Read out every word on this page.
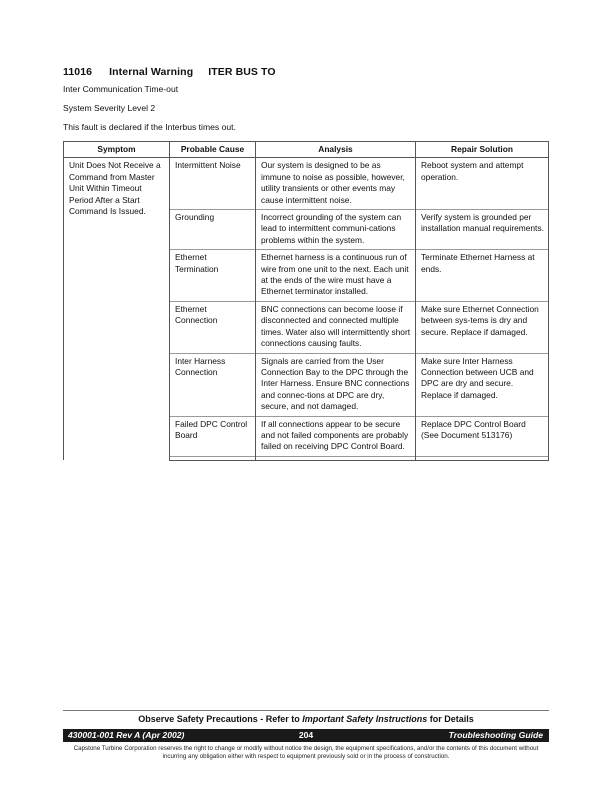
11016 Internal Warning ITER BUS TO

Inter Communication Time-out

System Severity Level 2

This fault is declared if the Interbus times out.

Symptom	Probable Cause	Analysis	Repair Solution
Unit Does Not Receive a Command from Master Unit Within Timeout Period After a Start Command Is Issued.	Intermittent Noise	Our system is designed to be as immune to noise as possible, however, utility transients or other events may cause intermittent noise.	Reboot system and attempt operation.
	Grounding	Incorrect grounding of the system can lead to intermittent communi-cations problems within the system.	Verify system is grounded per installation manual requirements.
	Ethernet Termination	Ethernet harness is a continuous run of wire from one unit to the next. Each unit at the ends of the wire must have a Ethernet terminator installed.	Terminate Ethernet Harness at ends.
	Ethernet Connection	BNC connections can become loose if disconnected and connected multiple times. Water also will intermittently short connections causing faults.	Make sure Ethernet Connection between sys-tems is dry and secure. Replace if damaged.
	Inter Harness Connection	Signals are carried from the User Connection Bay to the DPC through the Inter Harness. Ensure BNC connections and connec-tions at DPC are dry, secure, and not damaged.	Make sure Inter Harness Connection between UCB and DPC are dry and secure. Replace if damaged.
	Failed DPC Control Board	If all connections appear to be secure and not failed components are probably failed on receiving DPC Control Board.	Replace DPC Control Board (See Document 513176)

Observe Safety Precautions - Refer to Important Safety Instructions for Details
430001-001 Rev A (Apr 2002)	204	Troubleshooting Guide
Capstone Turbine Corporation reserves the right to change or modify without notice the design, the equipment specifications, and/or the contents of this document without incurring any obligation either with respect to equipment previously sold or in the process of construction.
